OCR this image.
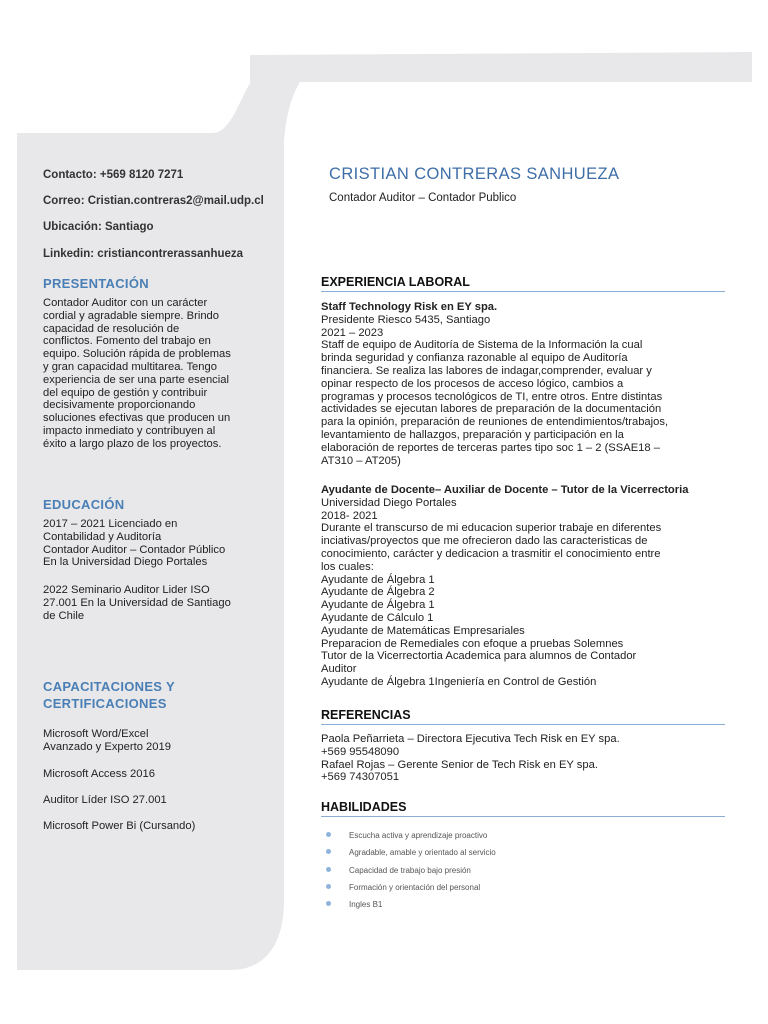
Contacto: +569 8120 7271
Correo: Cristian.contreras2@mail.udp.cl
Ubicación: Santiago
Linkedin: cristiancontrerassanhueza
PRESENTACIÓN
Contador Auditor con un carácter
cordial y agradable siempre. Brindo
capacidad de resolución de
conflictos. Fomento del trabajo en
equipo. Solución rápida de problemas
y gran capacidad multitarea. Tengo
experiencia de ser una parte esencial
del equipo de gestión y contribuir
decisivamente proporcionando
soluciones efectivas que producen un
impacto inmediato y contribuyen al
éxito a largo plazo de los proyectos.
EDUCACIÓN
2017 – 2021 Licenciado en
Contabilidad y Auditoría
Contador Auditor – Contador Público
En la Universidad Diego Portales
2022 Seminario Auditor Lider ISO
27.001 En la Universidad de Santiago
de Chile
CAPACITACIONES Y
CERTIFICACIONES
Microsoft Word/Excel
Avanzado y Experto 2019
Microsoft Access 2016
Auditor Líder ISO 27.001
Microsoft Power Bi (Cursando)
CRISTIAN CONTRERAS SANHUEZA
Contador Auditor – Contador Publico
EXPERIENCIA LABORAL
Staff Technology Risk en EY spa.
Presidente Riesco 5435, Santiago
2021 – 2023
Staff de equipo de Auditoría de Sistema de la Información la cual
brinda seguridad y confianza razonable al equipo de Auditoría
financiera. Se realiza las labores de indagar,comprender, evaluar y
opinar respecto de los procesos de acceso lógico, cambios a
programas y procesos tecnológicos de TI, entre otros. Entre distintas
actividades se ejecutan labores de preparación de la documentación
para la opinión, preparación de reuniones de entendimientos/trabajos,
levantamiento de hallazgos, preparación y participación en la
elaboración de reportes de terceras partes tipo soc 1 – 2 (SSAE18 –
AT310 – AT205)
Ayudante de Docente– Auxiliar de Docente – Tutor de la Vicerrectoria
Universidad Diego Portales
2018- 2021
Durante el transcurso de mi educacion superior trabaje en diferentes
inciativas/proyectos que me ofrecieron dado las caracteristicas de
conocimiento, carácter y dedicacion a trasmitir el conocimiento entre
los cuales:
Ayudante de Álgebra 1
Ayudante de Álgebra 2
Ayudante de Álgebra 1
Ayudante de Cálculo 1
Ayudante de Matemáticas Empresariales
Preparacion de Remediales con efoque a pruebas Solemnes
Tutor de la Vicerrectortia Academica para alumnos de Contador
Auditor
Ayudante de Álgebra 1Ingeniería en Control de Gestión
REFERENCIAS
Paola Peñarrieta – Directora Ejecutiva Tech Risk en EY spa.
+569 95548090
Rafael Rojas – Gerente Senior de Tech Risk en EY spa.
+569 74307051
HABILIDADES
Escucha activa y aprendizaje proactivo
Agradable, amable y orientado al servicio
Capacidad de trabajo bajo presión
Formación y orientación del personal
Ingles B1
